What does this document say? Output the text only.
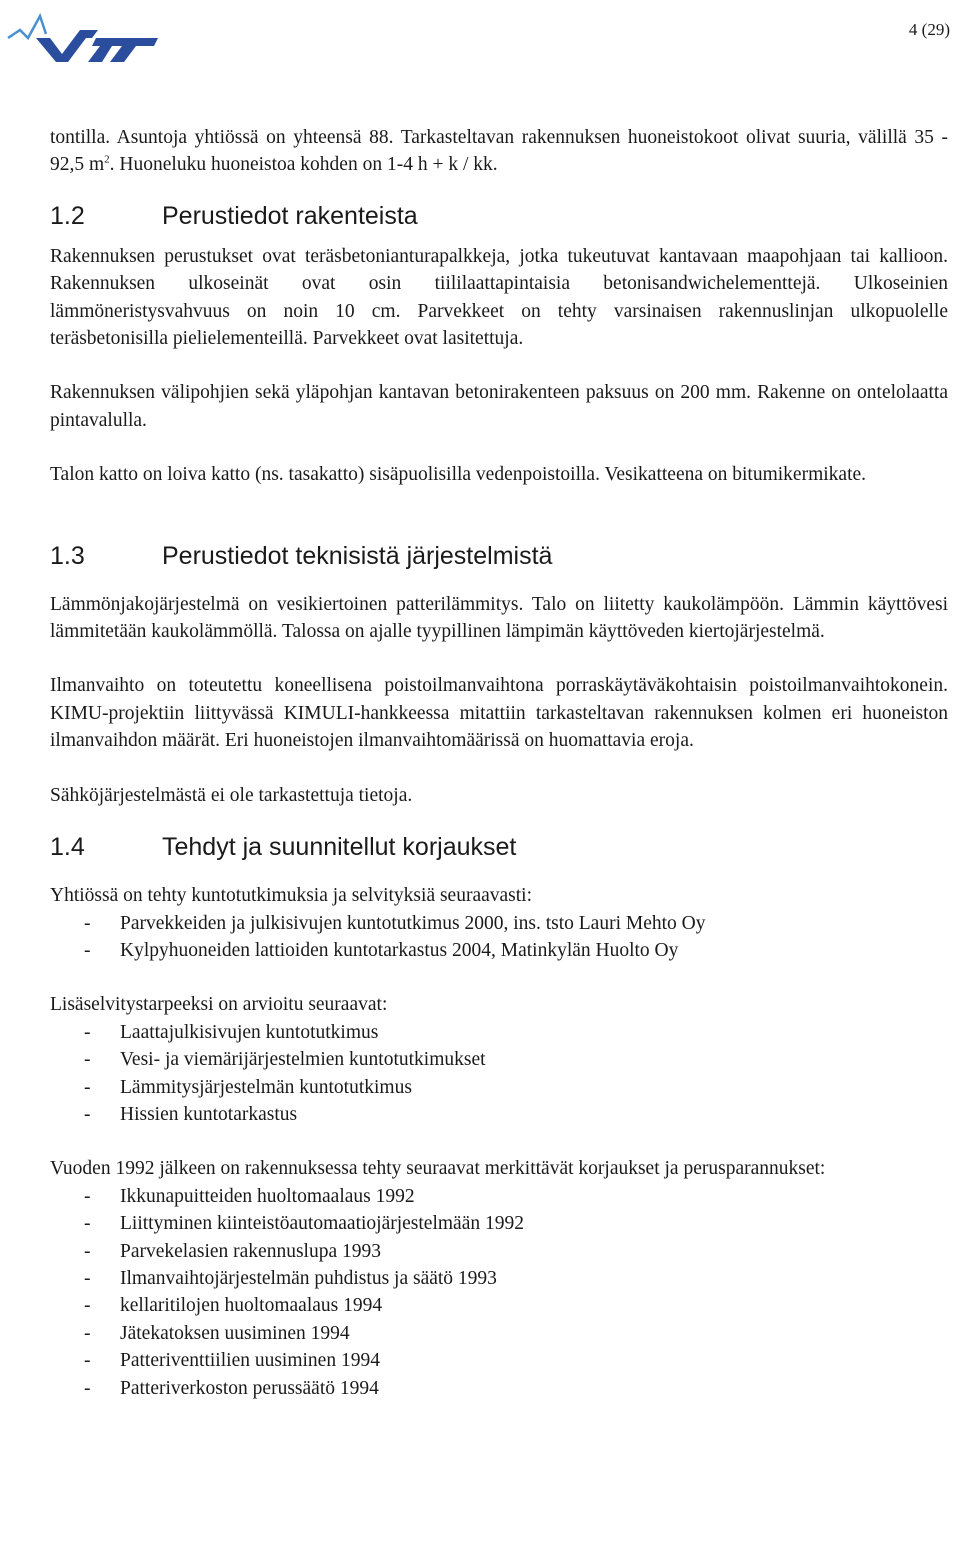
4 (29)

tontilla. Asuntoja yhtiössä on yhteensä 88. Tarkasteltavan rakennuksen huoneistokoot olivat suuria, välillä 35 - 92,5 $m^2$. Huoneluku huoneistoa kohden on 1-4 h + k / kk.

1.2	Perustiedot rakenteista

Rakennuksen perustukset ovat teräsbetonianturapalkkeja, jotka tukeutuvat kantavaan maapohjaan tai kallioon. Rakennuksen ulkoseinät ovat osin tiililaattapintaisia betonisandwichelementtejä. Ulkoseinien lämmöneristysvahvuus on noin 10 cm. Parvekkeet on tehty varsinaisen rakennuslinjan ulkopuolelle teräsbetonisilla pielielementeillä. Parvekkeet ovat lasitettuja.

Rakennuksen välipohjien sekä yläpohjan kantavan betonirakenteen paksuus on 200 mm. Rakenne on ontelolaatta pintavalulla.

Talon katto on loiva katto (ns. tasakatto) sisäpuolisilla vedenpoistoilla. Vesikatteena on bitumikermikate.

1.3	Perustiedot teknisistä järjestelmistä

Lämmönjakojärjestelmä on vesikiertoinen patterilämmitys. Talo on liitetty kaukolämpöön. Lämmin käyttövesi lämmitetään kaukolämmöllä. Talossa on ajalle tyypillinen lämpimän käyttöveden kiertojärjestelmä.

Ilmanvaihto on toteutettu koneellisena poistoilmanvaihtona porraskäytäväkohtaisin poistoilmanvaihtokonein. KIMU-projektiin liittyvässä KIMULI-hankkeessa mitattiin tarkasteltavan rakennuksen kolmen eri huoneiston ilmanvaihdon määrät. Eri huoneistojen ilmanvaihtomäärissä on huomattavia eroja.

Sähköjärjestelmästä ei ole tarkastettuja tietoja.

1.4	Tehdyt ja suunnitellut korjaukset

Yhtiössä on tehty kuntotutkimuksia ja selvityksiä seuraavasti:

-	Parvekkeiden ja julkisivujen kuntotutkimus 2000, ins. tsto Lauri Mehto Oy
-	Kylpyhuoneiden lattioiden kuntotarkastus 2004, Matinkylän Huolto Oy

Lisäselvitystarpeeksi on arvioitu seuraavat:

-	Laattajulkisivujen kuntotutkimus
-	Vesi- ja viemärijärjestelmien kuntotutkimukset
-	Lämmitysjärjestelmän kuntotutkimus
-	Hissien kuntotarkastus

Vuoden 1992 jälkeen on rakennuksessa tehty seuraavat merkittävät korjaukset ja perusparannukset:

-	Ikkunapuitteiden huoltomaalaus 1992
-	Liittyminen kiinteistöautomaatiojärjestelmään 1992
-	Parvekelasien rakennuslupa 1993
-	Ilmanvaihtojärjestelmän puhdistus ja säätö 1993
-	kellaritilojen huoltomaalaus 1994
-	Jätekatoksen uusiminen 1994
-	Patteriventtiilien uusiminen 1994
-	Patteriverkoston perussäätö 1994
